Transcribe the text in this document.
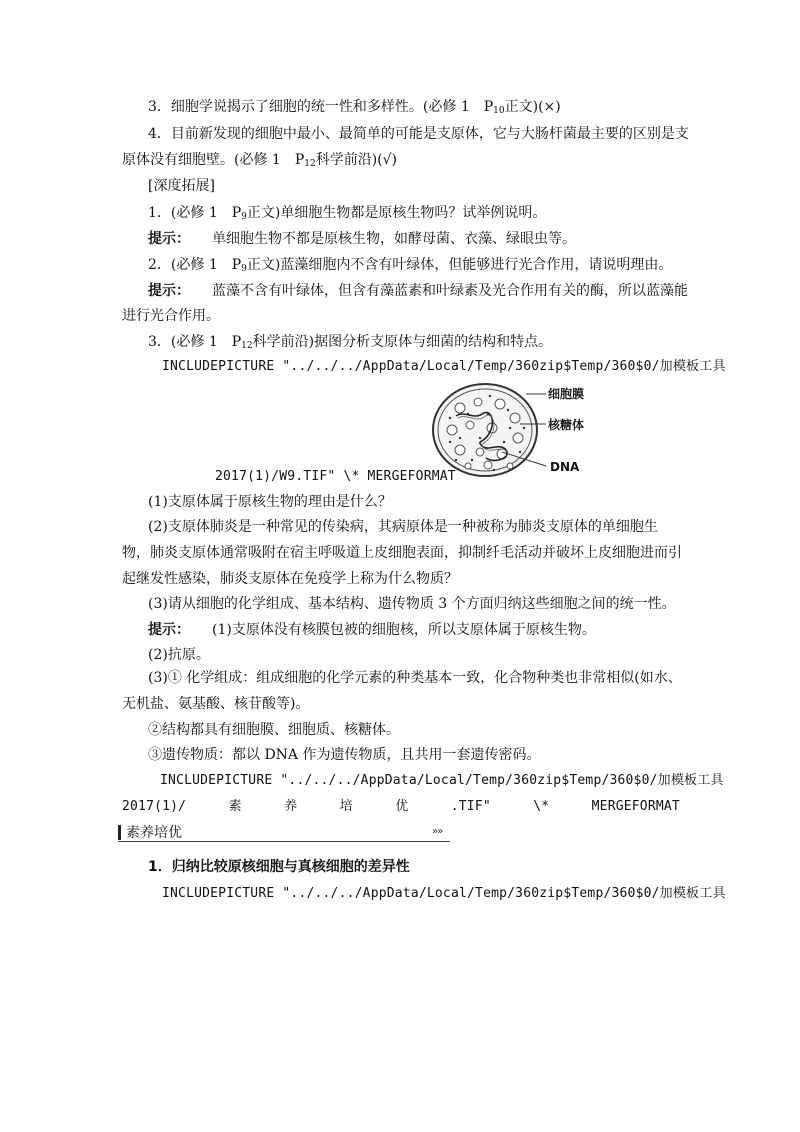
3．细胞学说揭示了细胞的统一性和多样性。(必修 1　$P_{10}$正文)(×)
4．目前新发现的细胞中最小、最简单的可能是支原体，它与大肠杆菌最主要的区别是支
原体没有细胞壁。(必修 1　$P_{12}$科学前沿)(√)
[深度拓展]
1．(必修 1　$P_9$正文)单细胞生物都是原核生物吗？试举例说明。
提示： 单细胞生物不都是原核生物，如酵母菌、衣藻、绿眼虫等。
2．(必修 1　$P_9$正文)蓝藻细胞内不含有叶绿体，但能够进行光合作用，请说明理由。
提示： 蓝藻不含有叶绿体，但含有藻蓝素和叶绿素及光合作用有关的酶，所以蓝藻能
进行光合作用。
3．(必修 1　$P_{12}$科学前沿)据图分析支原体与细菌的结构和特点。
INCLUDEPICTURE "../../../AppData/Local/Temp/360zip$Temp/360$0/加模板工具
2017(1)/W9.TIF" \* MERGEFORMAT
细胞膜
核糖体
DNA
(1)支原体属于原核生物的理由是什么？
(2)支原体肺炎是一种常见的传染病，其病原体是一种被称为肺炎支原体的单细胞生物，肺炎支原体通常吸附在宿主呼吸道上皮细胞表面，抑制纤毛活动并破坏上皮细胞进而引起继发性感染，肺炎支原体在免疫学上称为什么物质？
(3)请从细胞的化学组成、基本结构、遗传物质 3 个方面归纳这些细胞之间的统一性。
提示： (1)支原体没有核膜包被的细胞核，所以支原体属于原核生物。
(2)抗原。
(3)① 化学组成：组成细胞的化学元素的种类基本一致，化合物种类也非常相似(如水、无机盐、氨基酸、核苷酸等)。
②结构都具有细胞膜、细胞质、核糖体。
③遗传物质：都以 DNA 作为遗传物质，且共用一套遗传密码。
INCLUDEPICTURE "../../../AppData/Local/Temp/360zip$Temp/360$0/加模板工具
2017(1)/	素	养	培	优	.TIF"	\*	MERGEFORMAT
素养培优	»»
1．归纳比较原核细胞与真核细胞的差异性
INCLUDEPICTURE "../../../AppData/Local/Temp/360zip$Temp/360$0/加模板工具
